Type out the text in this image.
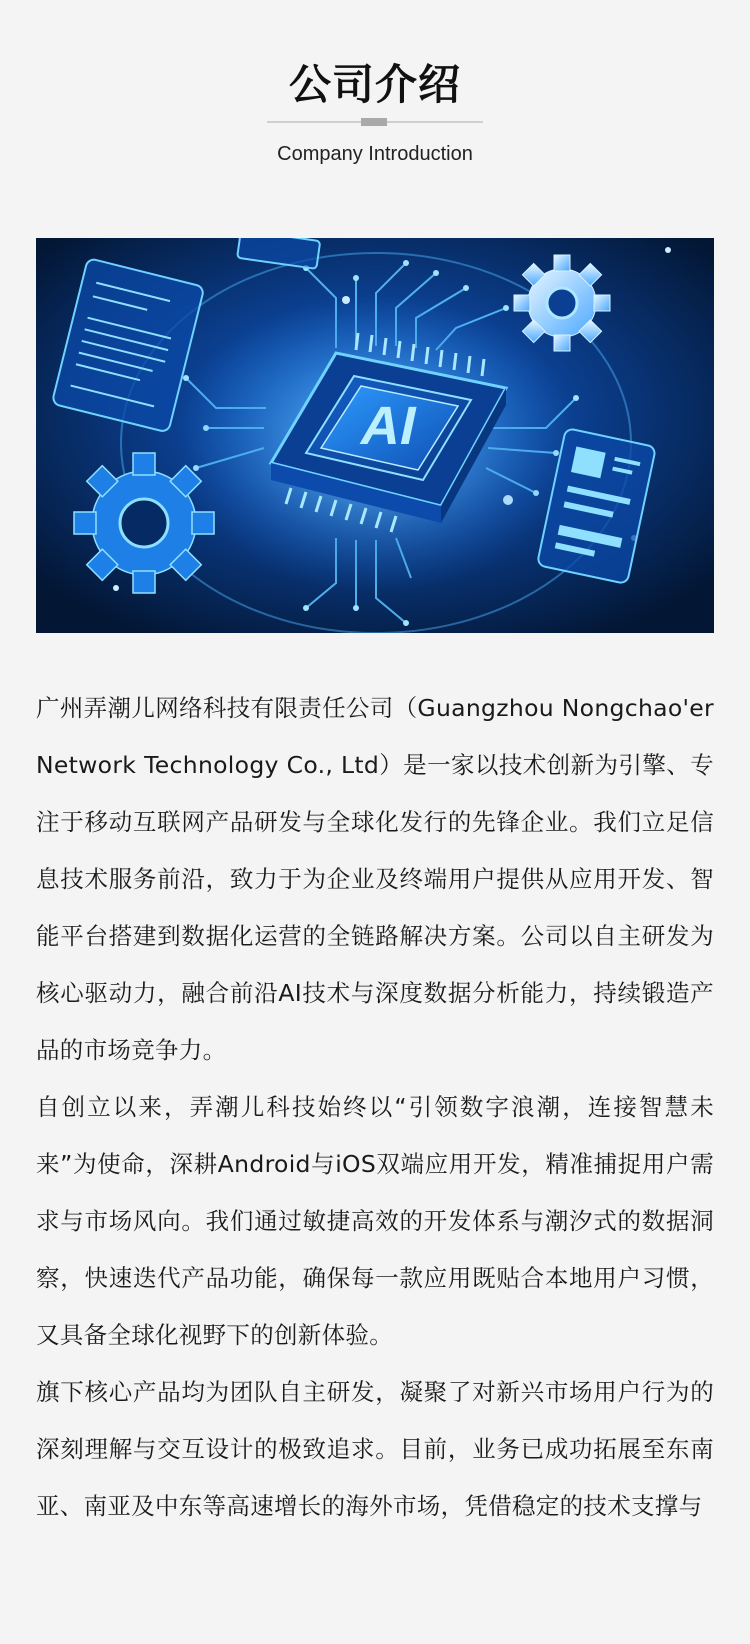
公司介绍
Company Introduction
AI

广州弄潮儿网络科技有限责任公司（Guangzhou Nongchao'er Network Technology Co., Ltd）是一家以技术创新为引擎、专注于移动互联网产品研发与全球化发行的先锋企业。我们立足信息技术服务前沿，致力于为企业及终端用户提供从应用开发、智能平台搭建到数据化运营的全链路解决方案。公司以自主研发为核心驱动力，融合前沿AI技术与深度数据分析能力，持续锻造产品的市场竞争力。

自创立以来，弄潮儿科技始终以“引领数字浪潮，连接智慧未来”为使命，深耕Android与iOS双端应用开发，精准捕捉用户需求与市场风向。我们通过敏捷高效的开发体系与潮汐式的数据洞察，快速迭代产品功能，确保每一款应用既贴合本地用户习惯，又具备全球化视野下的创新体验。

旗下核心产品均为团队自主研发，凝聚了对新兴市场用户行为的深刻理解与交互设计的极致追求。目前，业务已成功拓展至东南亚、南亚及中东等高速增长的海外市场，凭借稳定的技术支撑与
